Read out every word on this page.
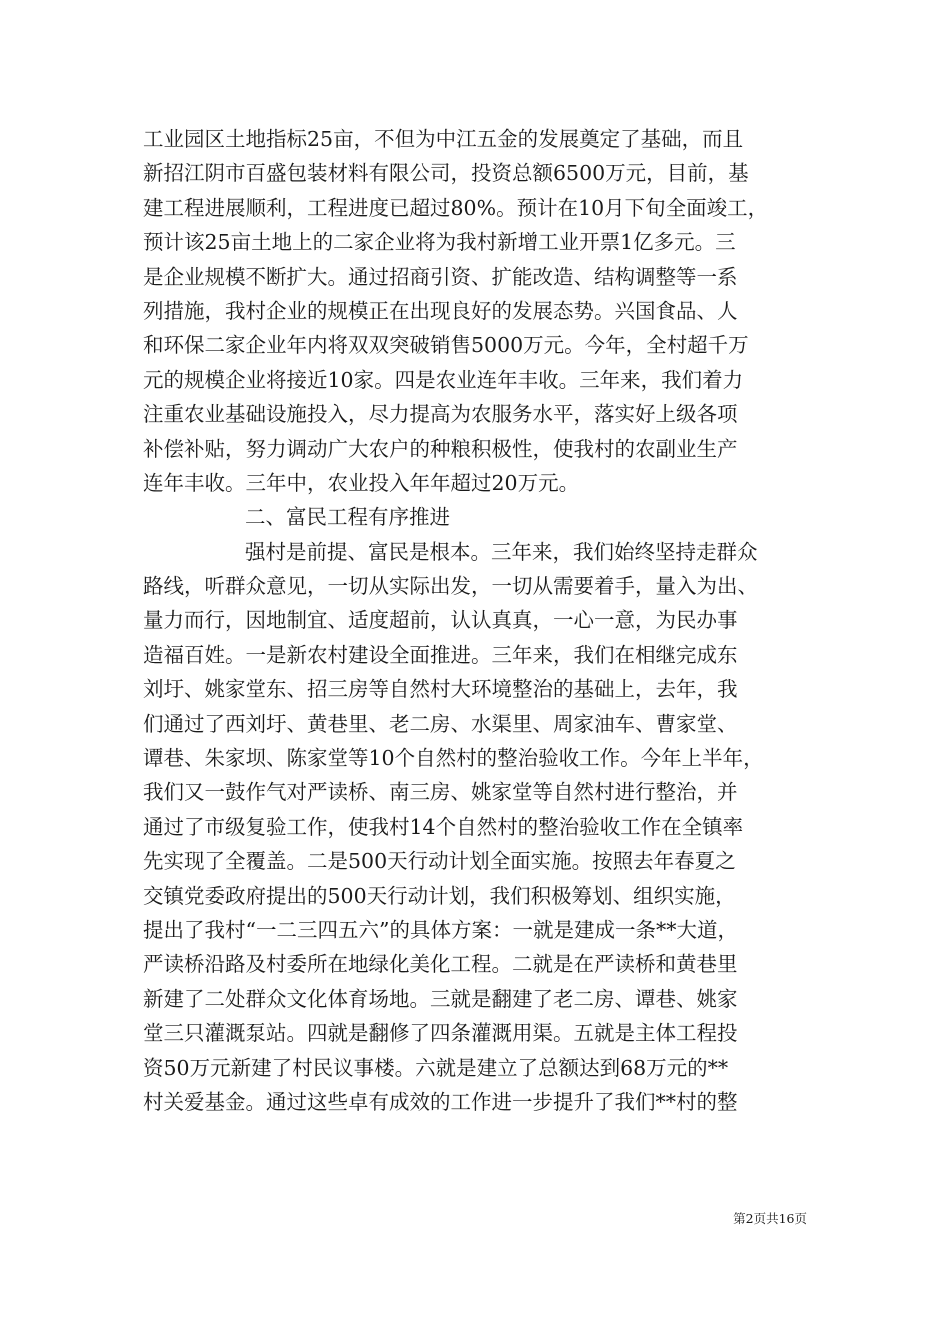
工业园区土地指标25亩，不但为中江五金的发展奠定了基础，而且
新招江阴市百盛包装材料有限公司，投资总额6500万元，目前，基
建工程进展顺利，工程进度已超过80%。预计在10月下旬全面竣工，
预计该25亩土地上的二家企业将为我村新增工业开票1亿多元。三
是企业规模不断扩大。通过招商引资、扩能改造、结构调整等一系
列措施，我村企业的规模正在出现良好的发展态势。兴国食品、人
和环保二家企业年内将双双突破销售5000万元。今年，全村超千万
元的规模企业将接近10家。四是农业连年丰收。三年来，我们着力
注重农业基础设施投入，尽力提高为农服务水平，落实好上级各项
补偿补贴，努力调动广大农户的种粮积极性，使我村的农副业生产
连年丰收。三年中，农业投入年年超过20万元。
二、富民工程有序推进
强村是前提、富民是根本。三年来，我们始终坚持走群众
路线，听群众意见，一切从实际出发，一切从需要着手，量入为出、
量力而行，因地制宜、适度超前，认认真真，一心一意，为民办事
造福百姓。一是新农村建设全面推进。三年来，我们在相继完成东
刘圩、姚家堂东、招三房等自然村大环境整治的基础上，去年，我
们通过了西刘圩、黄巷里、老二房、水渠里、周家油车、曹家堂、
谭巷、朱家坝、陈家堂等10个自然村的整治验收工作。今年上半年，
我们又一鼓作气对严读桥、南三房、姚家堂等自然村进行整治，并
通过了市级复验工作，使我村14个自然村的整治验收工作在全镇率
先实现了全覆盖。二是500天行动计划全面实施。按照去年春夏之
交镇党委政府提出的500天行动计划，我们积极筹划、组织实施，
提出了我村“一二三四五六”的具体方案：一就是建成一条**大道，
严读桥沿路及村委所在地绿化美化工程。二就是在严读桥和黄巷里
新建了二处群众文化体育场地。三就是翻建了老二房、谭巷、姚家
堂三只灌溉泵站。四就是翻修了四条灌溉用渠。五就是主体工程投
资50万元新建了村民议事楼。六就是建立了总额达到68万元的**
村关爱基金。通过这些卓有成效的工作进一步提升了我们**村的整
第2页共16页
